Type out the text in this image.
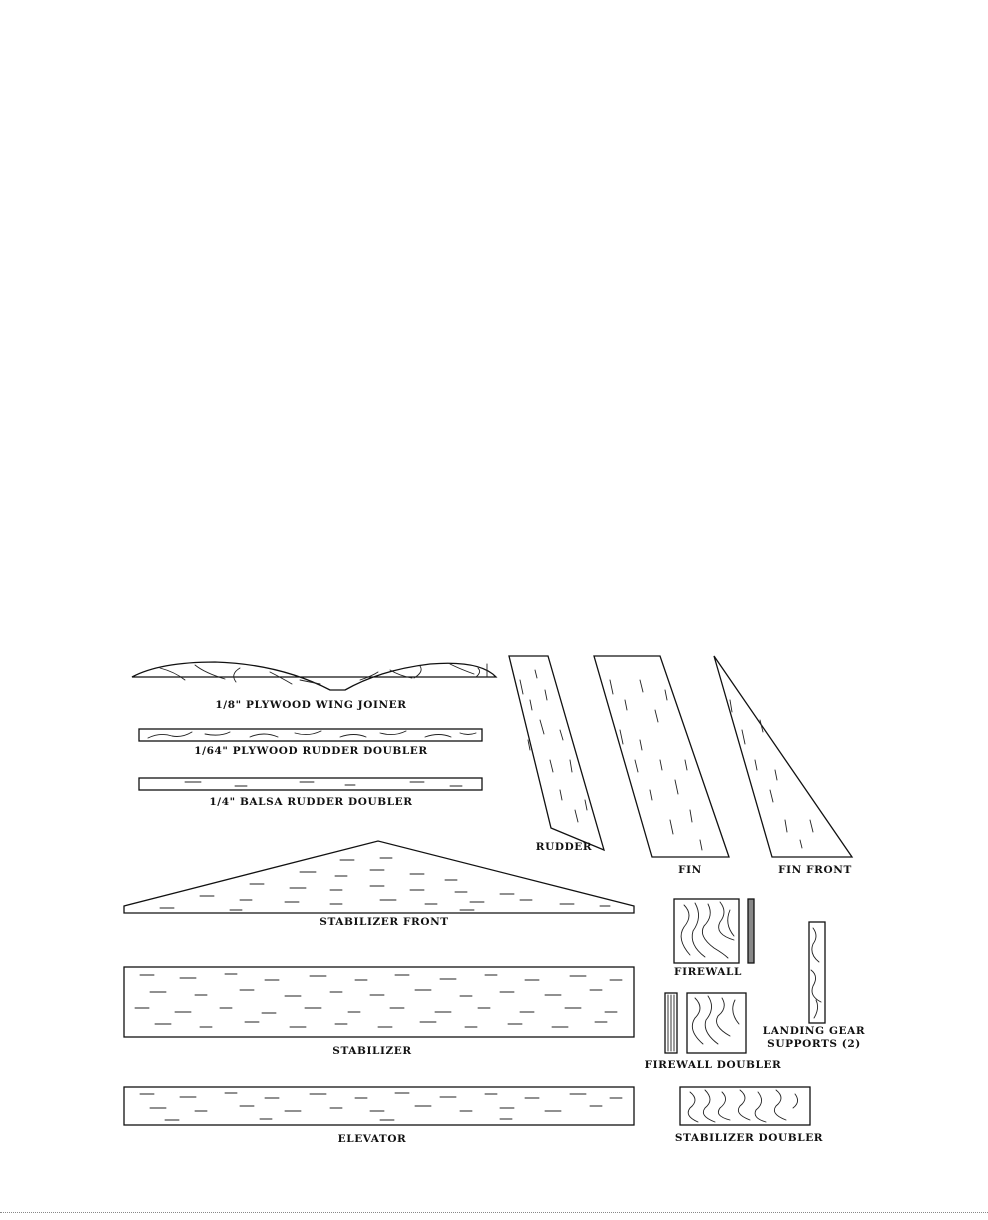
1/8" PLYWOOD WING JOINER
1/64" PLYWOOD RUDDER DOUBLER
1/4" BALSA RUDDER DOUBLER
RUDDER
FIN	FIN FRONT
STABILIZER FRONT
FIREWALL
LANDING GEAR
SUPPORTS (2)
STABILIZER
FIREWALL DOUBLER
ELEVATOR	STABILIZER DOUBLER
